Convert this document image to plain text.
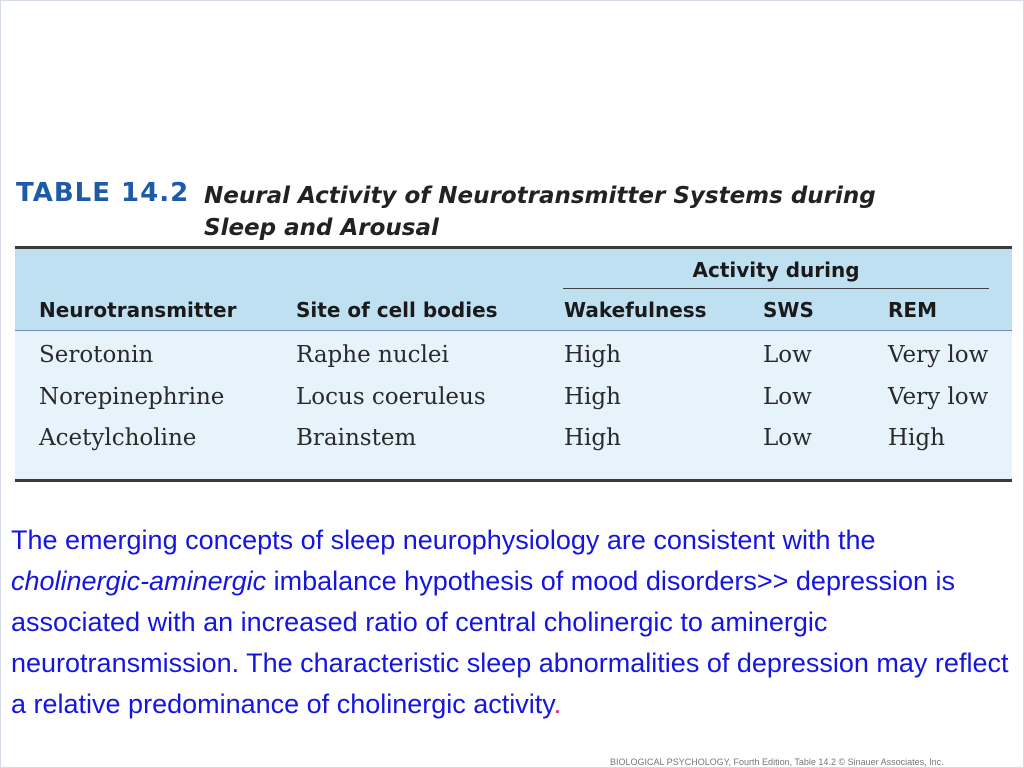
TABLE 14.2 Neural Activity of Neurotransmitter Systems during Sleep and Arousal
Activity during
Neurotransmitter	Site of cell bodies	Wakefulness	SWS	REM
Serotonin	Raphe nuclei	High	Low	Very low
Norepinephrine	Locus coeruleus	High	Low	Very low
Acetylcholine	Brainstem	High	Low	High
The emerging concepts of sleep neurophysiology are consistent with the cholinergic-aminergic imbalance hypothesis of mood disorders>> depression is associated with an increased ratio of central cholinergic to aminergic neurotransmission. The characteristic sleep abnormalities of depression may reflect a relative predominance of cholinergic activity.
BIOLOGICAL PSYCHOLOGY, Fourth Edition, Table 14.2 © Sinauer Associates, Inc.
